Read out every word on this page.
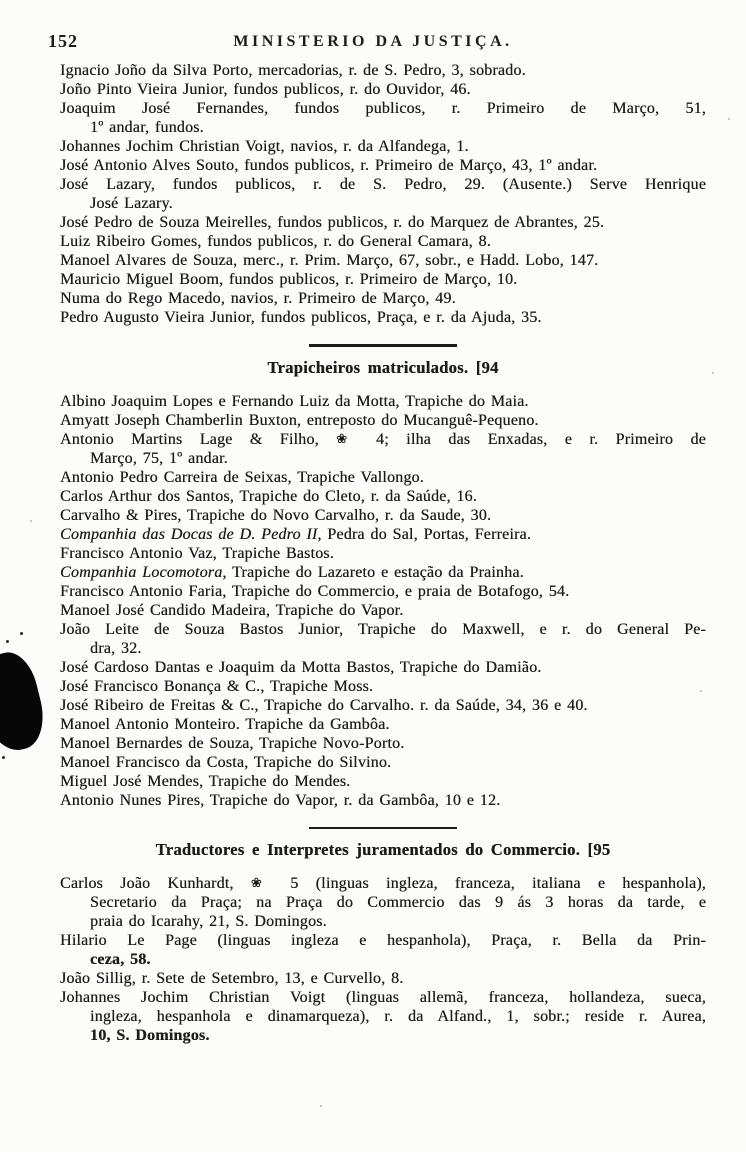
152	MINISTERIO DA JUSTIÇA.

Ignacio Joño da Silva Porto, mercadorias, r. de S. Pedro, 3, sobrado.

Joño Pinto Vieira Junior, fundos publicos, r. do Ouvidor, 46.

Joaquim José Fernandes, fundos publicos, r. Primeiro de Março, 51,
1º andar, fundos.

Johannes Jochim Christian Voigt, navios, r. da Alfandega, 1.

José Antonio Alves Souto, fundos publicos, r. Primeiro de Março, 43, 1º andar.

José Lazary, fundos publicos, r. de S. Pedro, 29. (Ausente.) Serve Henrique
José Lazary.

José Pedro de Souza Meirelles, fundos publicos, r. do Marquez de Abrantes, 25.

Luiz Ribeiro Gomes, fundos publicos, r. do General Camara, 8.

Manoel Alvares de Souza, merc., r. Prim. Março, 67, sobr., e Hadd. Lobo, 147.

Mauricio Miguel Boom, fundos publicos, r. Primeiro de Março, 10.

Numa do Rego Macedo, navios, r. Primeiro de Março, 49.

Pedro Augusto Vieira Junior, fundos publicos, Praça, e r. da Ajuda, 35.

Trapicheiros matriculados. [94

Albino Joaquim Lopes e Fernando Luiz da Motta, Trapiche do Maia.

Amyatt Joseph Chamberlin Buxton, entreposto do Mucanguê-Pequeno.

Antonio Martins Lage & Filho, ❀ 4; ilha das Enxadas, e r. Primeiro de
Março, 75, 1º andar.

Antonio Pedro Carreira de Seixas, Trapiche Vallongo.

Carlos Arthur dos Santos, Trapiche do Cleto, r. da Saúde, 16.

Carvalho & Pires, Trapiche do Novo Carvalho, r. da Saude, 30.

Companhia das Docas de D. Pedro II, Pedra do Sal, Portas, Ferreira.

Francisco Antonio Vaz, Trapiche Bastos.

Companhia Locomotora, Trapiche do Lazareto e estação da Prainha.

Francisco Antonio Faria, Trapiche do Commercio, e praia de Botafogo, 54.

Manoel José Candido Madeira, Trapiche do Vapor.

João Leite de Souza Bastos Junior, Trapiche do Maxwell, e r. do General Pe-
dra, 32.

José Cardoso Dantas e Joaquim da Motta Bastos, Trapiche do Damião.

José Francisco Bonança & C., Trapiche Moss.

José Ribeiro de Freitas & C., Trapiche do Carvalho. r. da Saúde, 34, 36 e 40.

Manoel Antonio Monteiro. Trapiche da Gambôa.

Manoel Bernardes de Souza, Trapiche Novo-Porto.

Manoel Francisco da Costa, Trapiche do Silvino.

Miguel José Mendes, Trapiche do Mendes.

Antonio Nunes Pires, Trapiche do Vapor, r. da Gambôa, 10 e 12.

Traductores e Interpretes juramentados do Commercio. [95

Carlos João Kunhardt, ❀ 5 (linguas ingleza, franceza, italiana e hespanhola),
Secretario da Praça; na Praça do Commercio das 9 ás 3 horas da tarde, e
praia do Icarahy, 21, S. Domingos.

Hilario Le Page (linguas ingleza e hespanhola), Praça, r. Bella da Prin-
ceza, 58.

João Sillig, r. Sete de Setembro, 13, e Curvello, 8.

Johannes Jochim Christian Voigt (linguas allemã, franceza, hollandeza, sueca,
ingleza, hespanhola e dinamarqueza), r. da Alfand., 1, sobr.; reside r. Aurea,
10, S. Domingos.
